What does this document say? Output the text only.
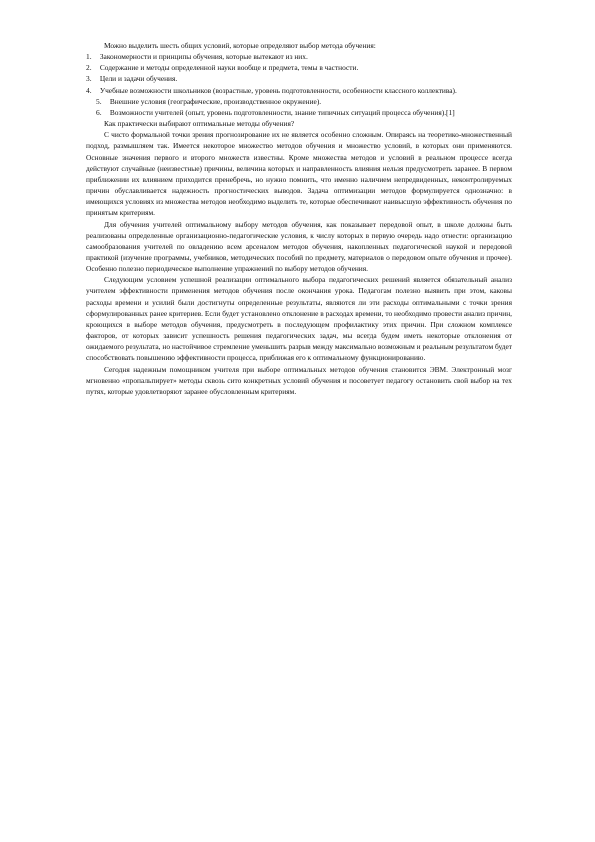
Можно выделить шесть общих условий, которые определяют выбор метода обучения:

1. Закономерности и принципы обучения, которые вытекают из них.
2. Содержание и методы определенной науки вообще и предмета, темы в частности.
3. Цели и задачи обучения.
4. Учебные возможности школьников (возрастные, уровень подготовленности, особенности классного коллектива).
5. Внешние условия (географические, производственное окружение).
6. Возможности учителей (опыт, уровень подготовленности, знание типичных ситуаций процесса обучения).[1]

Как практически выбирают оптимальные методы обучения?

С чисто формальной точки зрения прогнозирование их не является особенно сложным. Опираясь на теоретико-множественный подход, размышляем так. Имеется некоторое множество методов обучения и множество условий, в которых они применяются. Основные значения первого и второго множеств известны. Кроме множества методов и условий в реальном процессе всегда действуют случайные (неизвестные) причины, величина которых и направленность влияния нельзя предусмотреть заранее. В первом приближении их влиянием приходится пренебречь, но нужно помнить, что именно наличием непредвиденных, неконтролируемых причин обуславливается надежность прогностических выводов. Задача оптимизации методов формулируется однозначно: в имеющихся условиях из множества методов необходимо выделить те, которые обеспечивают наивысшую эффективность обучения по принятым критериям.

Для обучения учителей оптимальному выбору методов обучения, как показывает передовой опыт, в школе должны быть реализованы определенные организационно-педагогические условия, к числу которых в первую очередь надо отнести: организацию самообразования учителей по овладению всем арсеналом методов обучения, накопленных педагогической наукой и передовой практикой (изучение программы, учебников, методических пособий по предмету, материалов о передовом опыте обучения и прочее). Особенно полезно периодическое выполнение упражнений по выбору методов обучения.

Следующим условием успешной реализации оптимального выбора педагогических решений является обязательный анализ учителем эффективности применения методов обучения после окончания урока. Педагогам полезно выявить при этом, каковы расходы времени и усилий были достигнуты определенные результаты, являются ли эти расходы оптимальными с точки зрения сформулированных ранее критериев. Если будет установлено отклонение в расходах времени, то необходимо провести анализ причин, кроющихся в выборе методов обучения, предусмотреть в последующем профилактику этих причин. При сложном комплексе факторов, от которых зависит успешность решения педагогических задач, мы всегда будем иметь некоторые отклонения от ожидаемого результата, но настойчивое стремление уменьшить разрыв между максимально возможным и реальным результатом будет способствовать повышению эффективности процесса, приближая его к оптимальному функционированию.

Сегодня надежным помощником учителя при выборе оптимальных методов обучения становится ЭВМ. Электронный мозг мгновенно «пропальпирует» методы сквозь сито конкретных условий обучения и посоветует педагогу остановить свой выбор на тех путях, которые удовлетворяют заранее обусловленным критериям.
